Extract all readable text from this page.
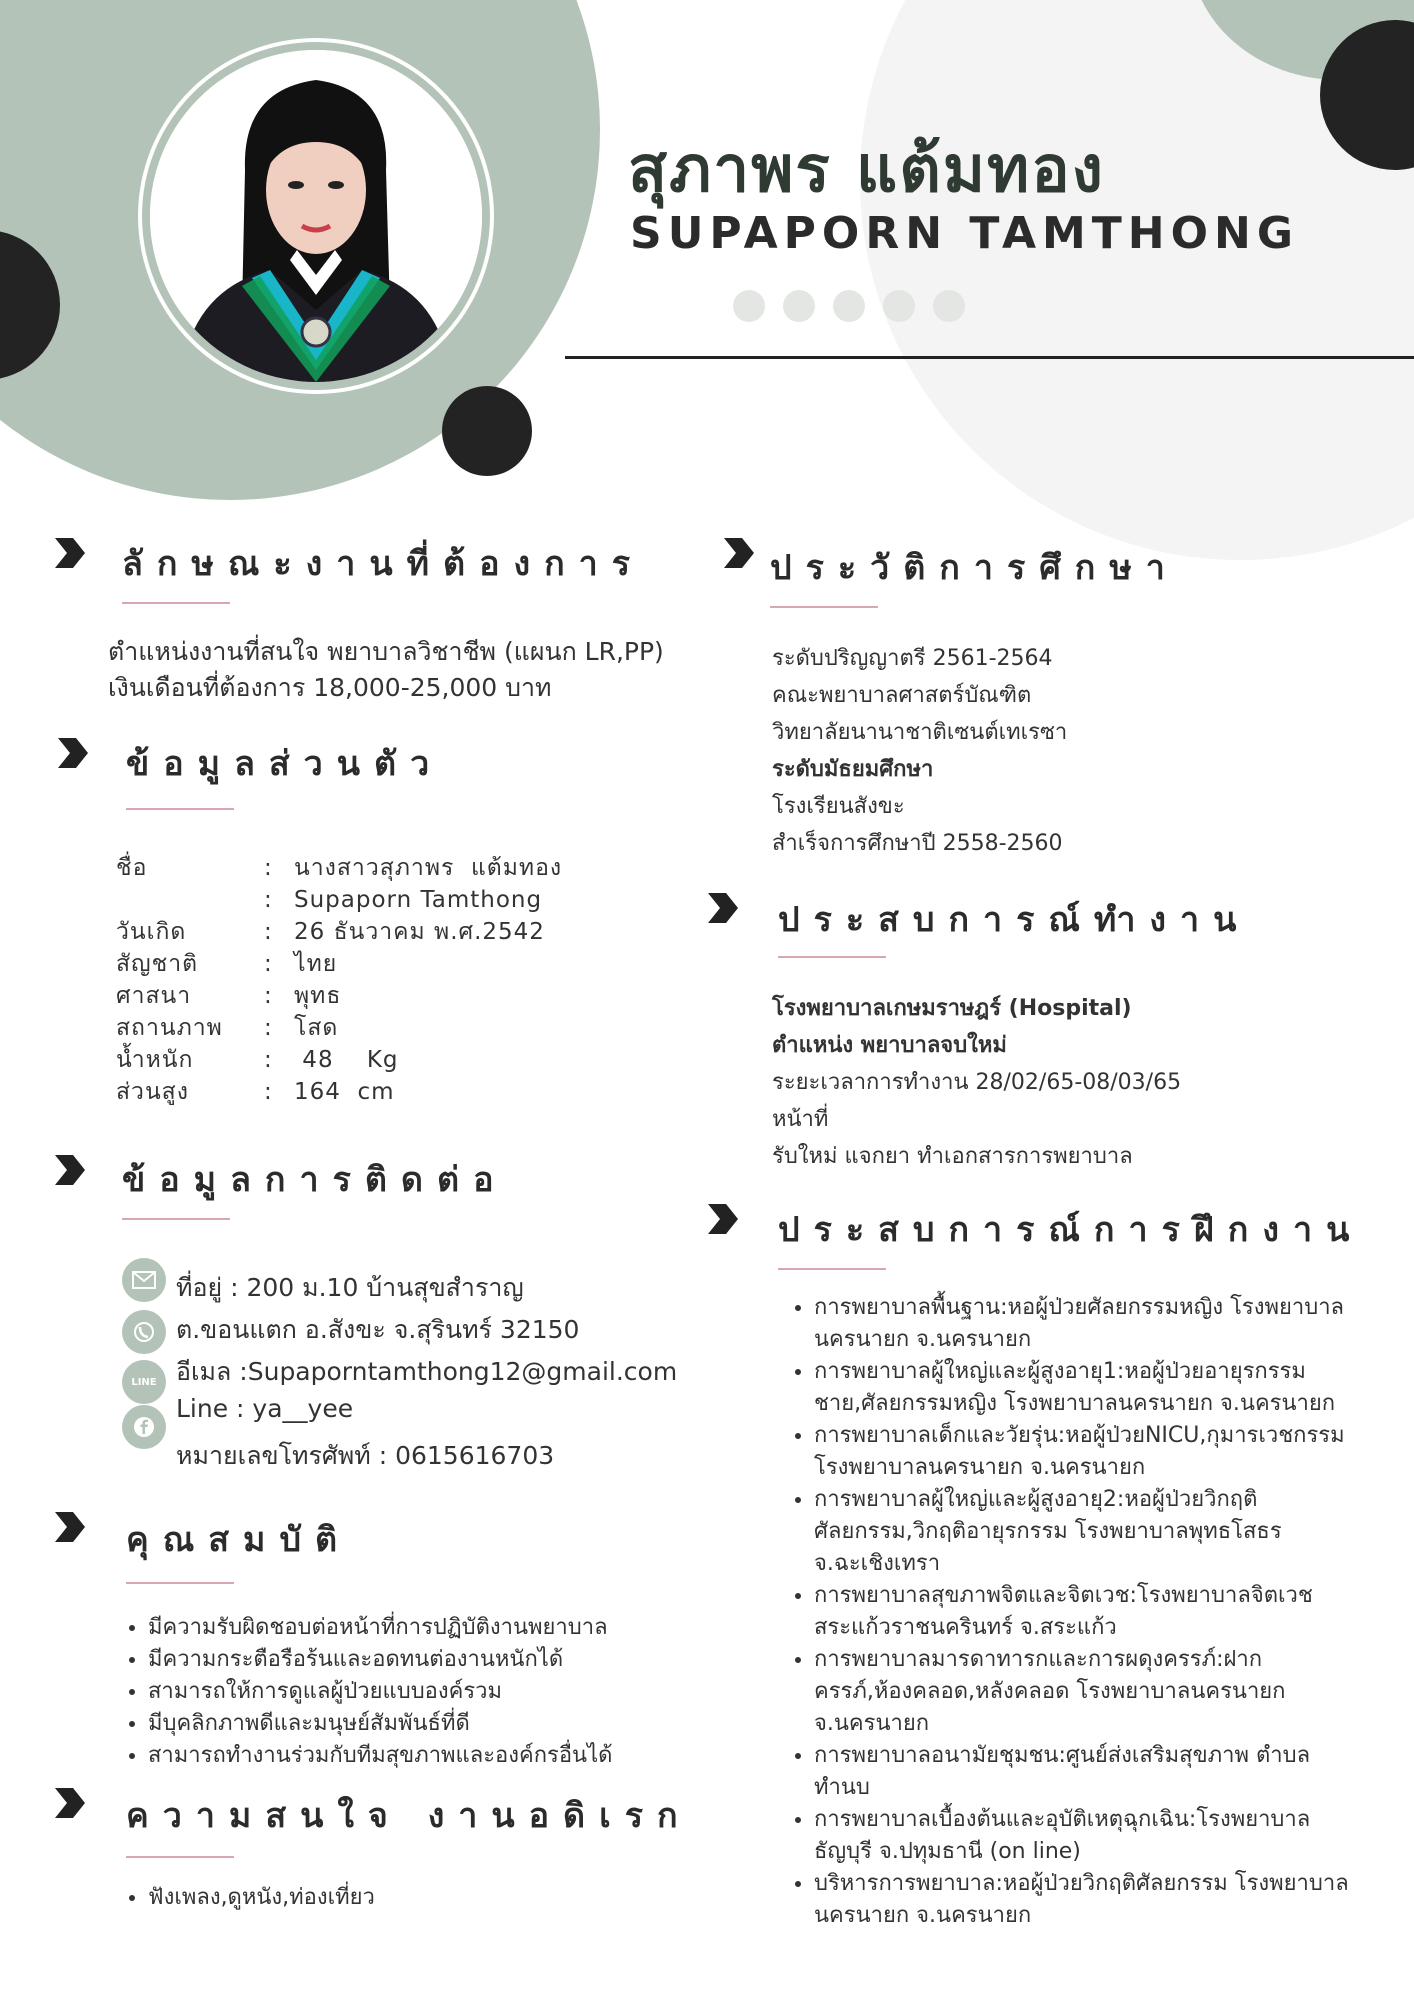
สุภาพร แต้มทอง
SUPAPORN TAMTHONG
ลักษณะงานที่ต้องการ
ตำแหน่งงานที่สนใจ พยาบาลวิชาชีพ (แผนก LR,PP)
เงินเดือนที่ต้องการ 18,000-25,000 บาท
ข้อมูลส่วนตัว
ชื่อ	: นางสาวสุภาพร  แต้มทอง
: Supaporn Tamthong
วันเกิด	: 26 ธันวาคม พ.ศ.2542
สัญชาติ	: ไทย
ศาสนา	: พุทธ
สถานภาพ	: โสด
น้ำหนัก	: 48    Kg
ส่วนสูง	: 164  cm
ข้อมูลการติดต่อ
LINE
ที่อยู่ : 200 ม.10 บ้านสุขสำราญ
ต.ขอนแตก อ.สังขะ จ.สุรินทร์ 32150
อีเมล :Supaporntamthong12@gmail.com
Line : ya__yee
หมายเลขโทรศัพท์ : 0615616703
คุณสมบัติ
• มีความรับผิดชอบต่อหน้าที่การปฏิบัติงานพยาบาล
• มีความกระตือรือร้นและอดทนต่องานหนักได้
• สามารถให้การดูแลผู้ป่วยแบบองค์รวม
• มีบุคลิกภาพดีและมนุษย์สัมพันธ์ที่ดี
• สามารถทำงานร่วมกับทีมสุขภาพและองค์กรอื่นได้
ความสนใจ งานอดิเรก
• ฟังเพลง,ดูหนัง,ท่องเที่ยว
ประวัติการศึกษา
ระดับปริญญาตรี 2561-2564
คณะพยาบาลศาสตร์บัณฑิต
วิทยาลัยนานาชาติเซนต์เทเรซา
ระดับมัธยมศึกษา
โรงเรียนสังขะ
สำเร็จการศึกษาปี 2558-2560
ประสบการณ์ทำงาน
โรงพยาบาลเกษมราษฎร์ (Hospital)
ตำแหน่ง พยาบาลจบใหม่
ระยะเวลาการทำงาน 28/02/65-08/03/65
หน้าที่
รับใหม่ แจกยา ทำเอกสารการพยาบาล
ประสบการณ์การฝึกงาน
• การพยาบาลพื้นฐาน:หอผู้ป่วยศัลยกรรมหญิง โรงพยาบาลนครนายก จ.นครนายก
• การพยาบาลผู้ใหญ่และผู้สูงอายุ1:หอผู้ป่วยอายุรกรรมชาย,ศัลยกรรมหญิง โรงพยาบาลนครนายก จ.นครนายก
• การพยาบาลเด็กและวัยรุ่น:หอผู้ป่วยNICU,กุมารเวชกรรม โรงพยาบาลนครนายก จ.นครนายก
• การพยาบาลผู้ใหญ่และผู้สูงอายุ2:หอผู้ป่วยวิกฤติศัลยกรรม,วิกฤติอายุรกรรม โรงพยาบาลพุทธโสธร จ.ฉะเชิงเทรา
• การพยาบาลสุขภาพจิตและจิตเวช:โรงพยาบาลจิตเวชสระแก้วราชนครินทร์ จ.สระแก้ว
• การพยาบาลมารดาทารกและการผดุงครรภ์:ฝากครรภ์,ห้องคลอด,หลังคลอด โรงพยาบาลนครนายก จ.นครนายก
• การพยาบาลอนามัยชุมชน:ศูนย์ส่งเสริมสุขภาพ ตำบลทำนบ
• การพยาบาลเบื้องต้นและอุบัติเหตุฉุกเฉิน:โรงพยาบาลธัญบุรี จ.ปทุมธานี (on line)
• บริหารการพยาบาล:หอผู้ป่วยวิกฤติศัลยกรรม โรงพยาบาลนครนายก จ.นครนายก
